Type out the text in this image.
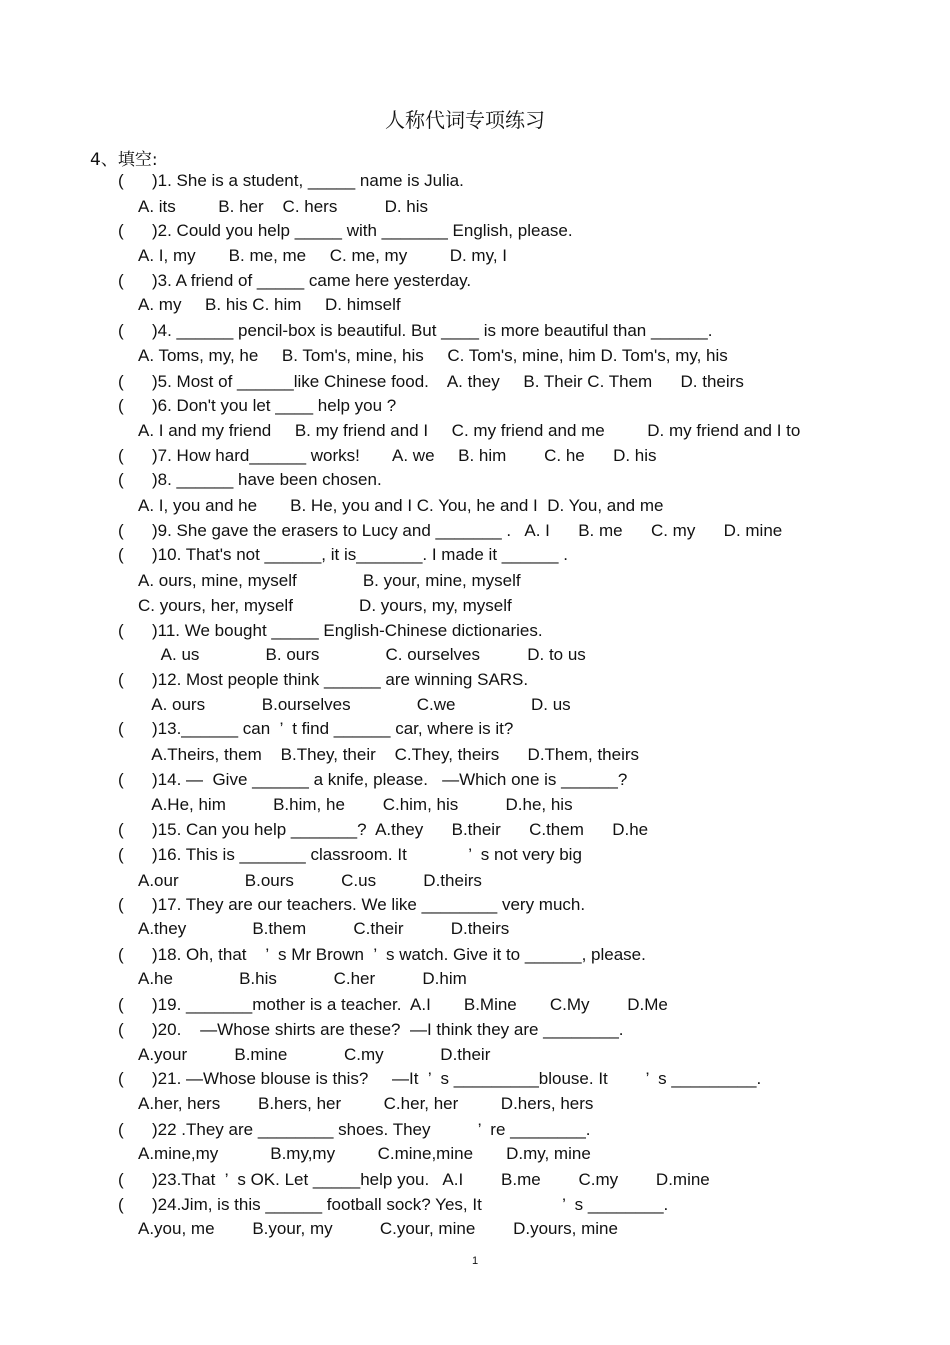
人称代词专项练习
4、填空:
(      )1. She is a student, _____ name is Julia.
A. its         B. her    C. hers          D. his
(      )2. Could you help _____ with _______ English, please.
A. I, my       B. me, me     C. me, my         D. my, I
(      )3. A friend of _____ came here yesterday.
A. my     B. his C. him     D. himself
(      )4. ______ pencil-box is beautiful. But ____ is more beautiful than ______.
A. Toms, my, he     B. Tom's, mine, his     C. Tom's, mine, him D. Tom's, my, his
(      )5. Most of ______like Chinese food.    A. they     B. Their C. Them      D. theirs
(      )6. Don't you let ____ help you ?
A. I and my friend     B. my friend and I     C. my friend and me         D. my friend and I to
(      )7. How hard______ works!       A. we     B. him        C. he      D. his
(      )8. ______ have been chosen.
A. I, you and he       B. He, you and I C. You, he and I  D. You, and me
(      )9. She gave the erasers to Lucy and _______ .   A. I      B. me      C. my      D. mine
(      )10. That's not ______, it is_______. I made it ______ .
A. ours, mine, myself              B. your, mine, myself
C. yours, her, myself              D. yours, my, myself
(      )11. We bought _____ English-Chinese dictionaries.
A. us              B. ours              C. ourselves          D. to us
(      )12. Most people think ______ are winning SARS.
A. ours            B.ourselves              C.we                D. us
(      )13.______ can  ’  t find ______ car, where is it?
A.Theirs, them    B.They, their    C.They, theirs      D.Them, theirs
(      )14. —  Give ______ a knife, please.   —Which one is ______?
A.He, him          B.him, he        C.him, his          D.he, his
(      )15. Can you help _______?  A.they      B.their      C.them      D.he
(      )16. This is _______ classroom. It             ’  s not very big
A.our              B.ours          C.us          D.theirs
(      )17. They are our teachers. We like ________ very much.
A.they              B.them          C.their          D.theirs
(      )18. Oh, that    ’  s Mr Brown  ’  s watch. Give it to ______, please.
A.he              B.his            C.her          D.him
(      )19. _______mother is a teacher.  A.I       B.Mine       C.My        D.Me
(      )20.    —Whose shirts are these?  —I think they are ________.
A.your          B.mine            C.my            D.their
(      )21. —Whose blouse is this?     —It  ’  s _________blouse. It        ’  s _________.
A.her, hers        B.hers, her         C.her, her         D.hers, hers
(      )22 .They are ________ shoes. They          ’  re ________.
A.mine,my           B.my,my         C.mine,mine       D.my, mine
(      )23.That  ’  s OK. Let _____help you.   A.I        B.me        C.my        D.mine
(      )24.Jim, is this ______ football sock? Yes, It                 ’  s ________.
A.you, me        B.your, my          C.your, mine        D.yours, mine
1
